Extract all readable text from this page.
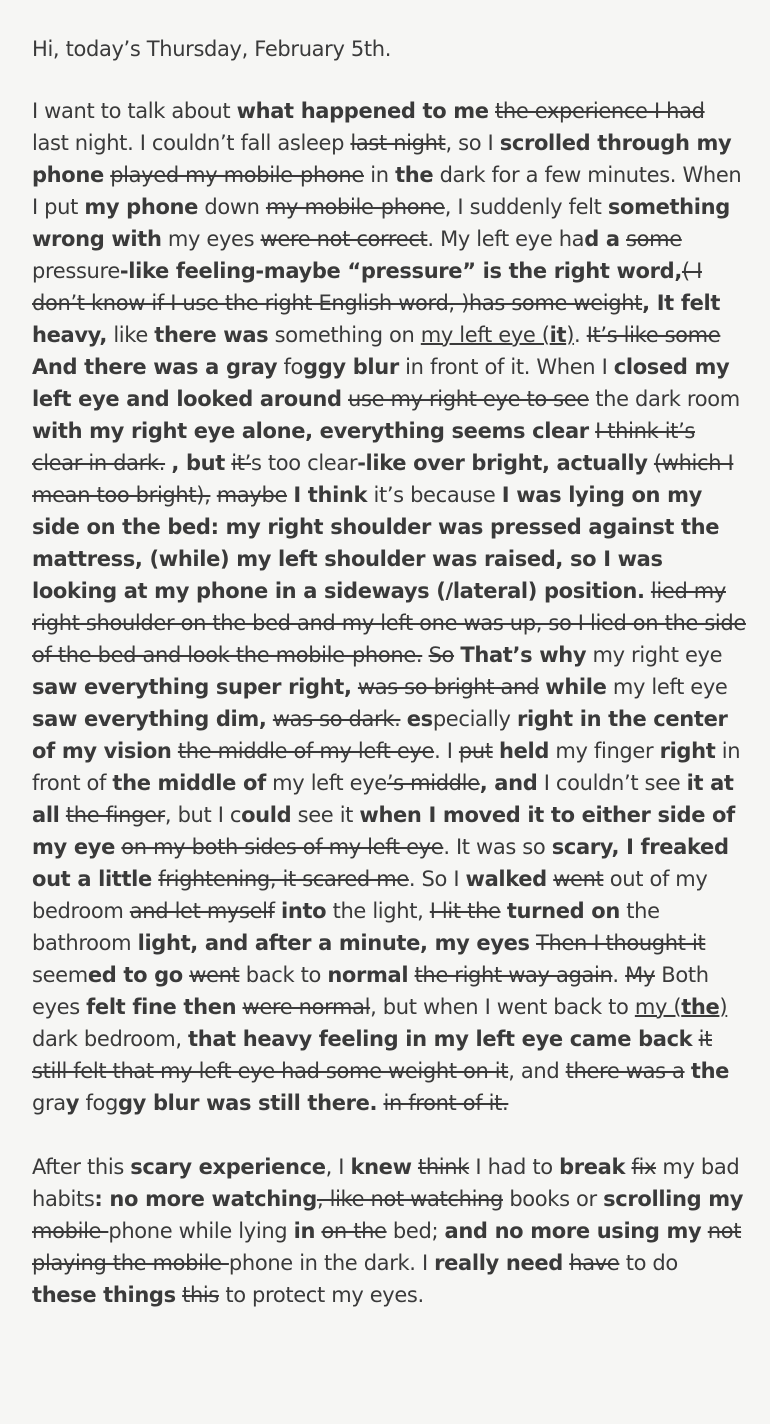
Hi, today’s Thursday, February 5th.

I want to talk about what happened to me the experience I had last night. I couldn’t fall asleep last night, so I scrolled through my phone played my mobile-phone in the dark for a few minutes. When I put my phone down my mobile-phone, I suddenly felt something wrong with my eyes were not correct. My left eye had a some pressure-like feeling-maybe “pressure” is the right word,( I don’t know if I use the right English word, )has some weight, It felt heavy, like there was something on my left eye (it). It’s like some And there was a gray foggy blur in front of it. When I closed my left eye and looked around use my right eye to see the dark room with my right eye alone, everything seems clear I think it’s clear in dark. , but it’s too clear-like over bright, actually (which I mean too bright), maybe I think it’s because I was lying on my side on the bed: my right shoulder was pressed against the mattress, (while) my left shoulder was raised, so I was looking at my phone in a sideways (/lateral) position. lied my right shoulder on the bed and my left one was up, so I lied on the side of the bed and look the mobile-phone. So That’s why my right eye saw everything super right, was so bright and while my left eye saw everything dim, was so dark. especially right in the center of my vision the middle of my left eye. I put held my finger right in front of the middle of my left eye’s middle, and I couldn’t see it at all the finger, but I could see it when I moved it to either side of my eye on my both sides of my left eye. It was so scary, I freaked out a little frightening, it scared me. So I walked went out of my bedroom and let myself into the light, I lit the turned on the bathroom light, and after a minute, my eyes Then I thought it seemed to go went back to normal the right way again. My Both eyes felt fine then were normal, but when I went back to my (the) dark bedroom, that heavy feeling in my left eye came back it still felt that my left eye had some weight on it, and there was a the gray foggy blur was still there. in front of it.

After this scary experience, I knew think I had to break fix my bad habits: no more watching, like not watching books or scrolling my mobile-phone while lying in on the bed; and no more using my not playing the mobile-phone in the dark. I really need have to do these things this to protect my eyes.
